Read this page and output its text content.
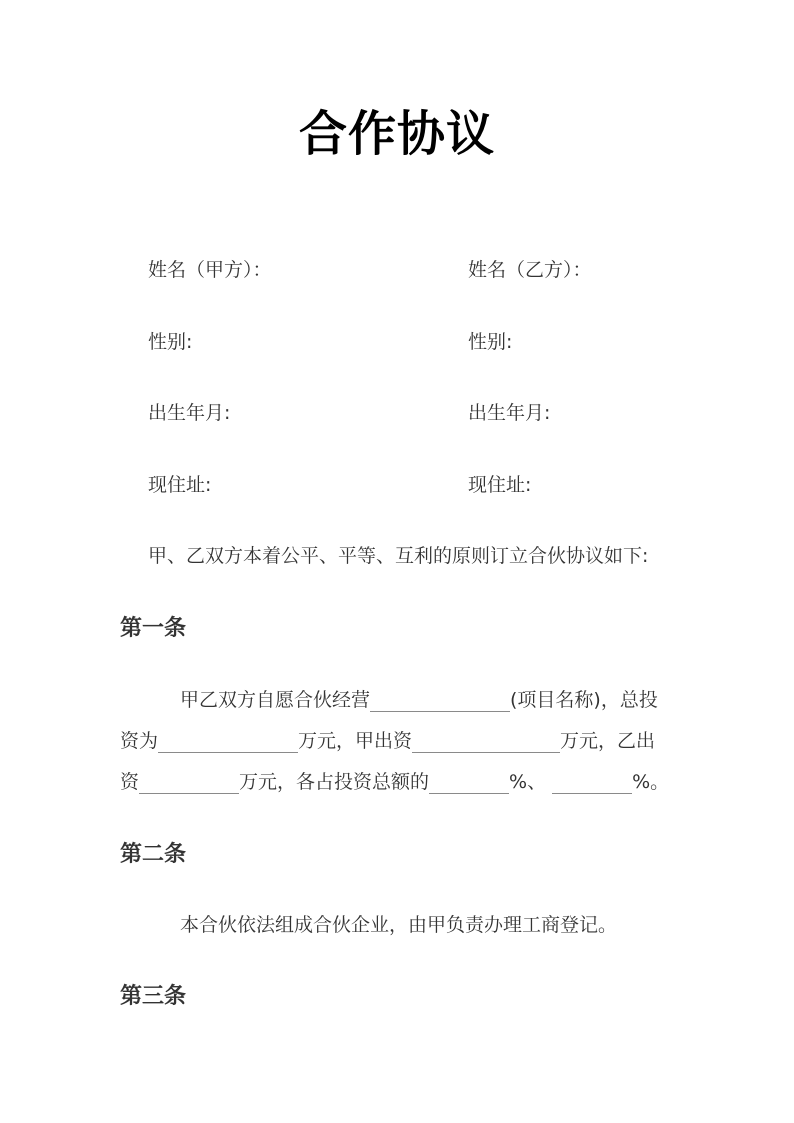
合作协议
姓名（甲方）：	姓名（乙方）：
性别:	性别:
出生年月:	出生年月:
现住址:	现住址:
甲、乙双方本着公平、平等、互利的原则订立合伙协议如下:
第一条
甲乙双方自愿合伙经营	(项目名称)，总投
资为	万元，甲出资	万元，乙出
资	万元，各占投资总额的	%、	%。
第二条
本合伙依法组成合伙企业，由甲负责办理工商登记。
第三条
